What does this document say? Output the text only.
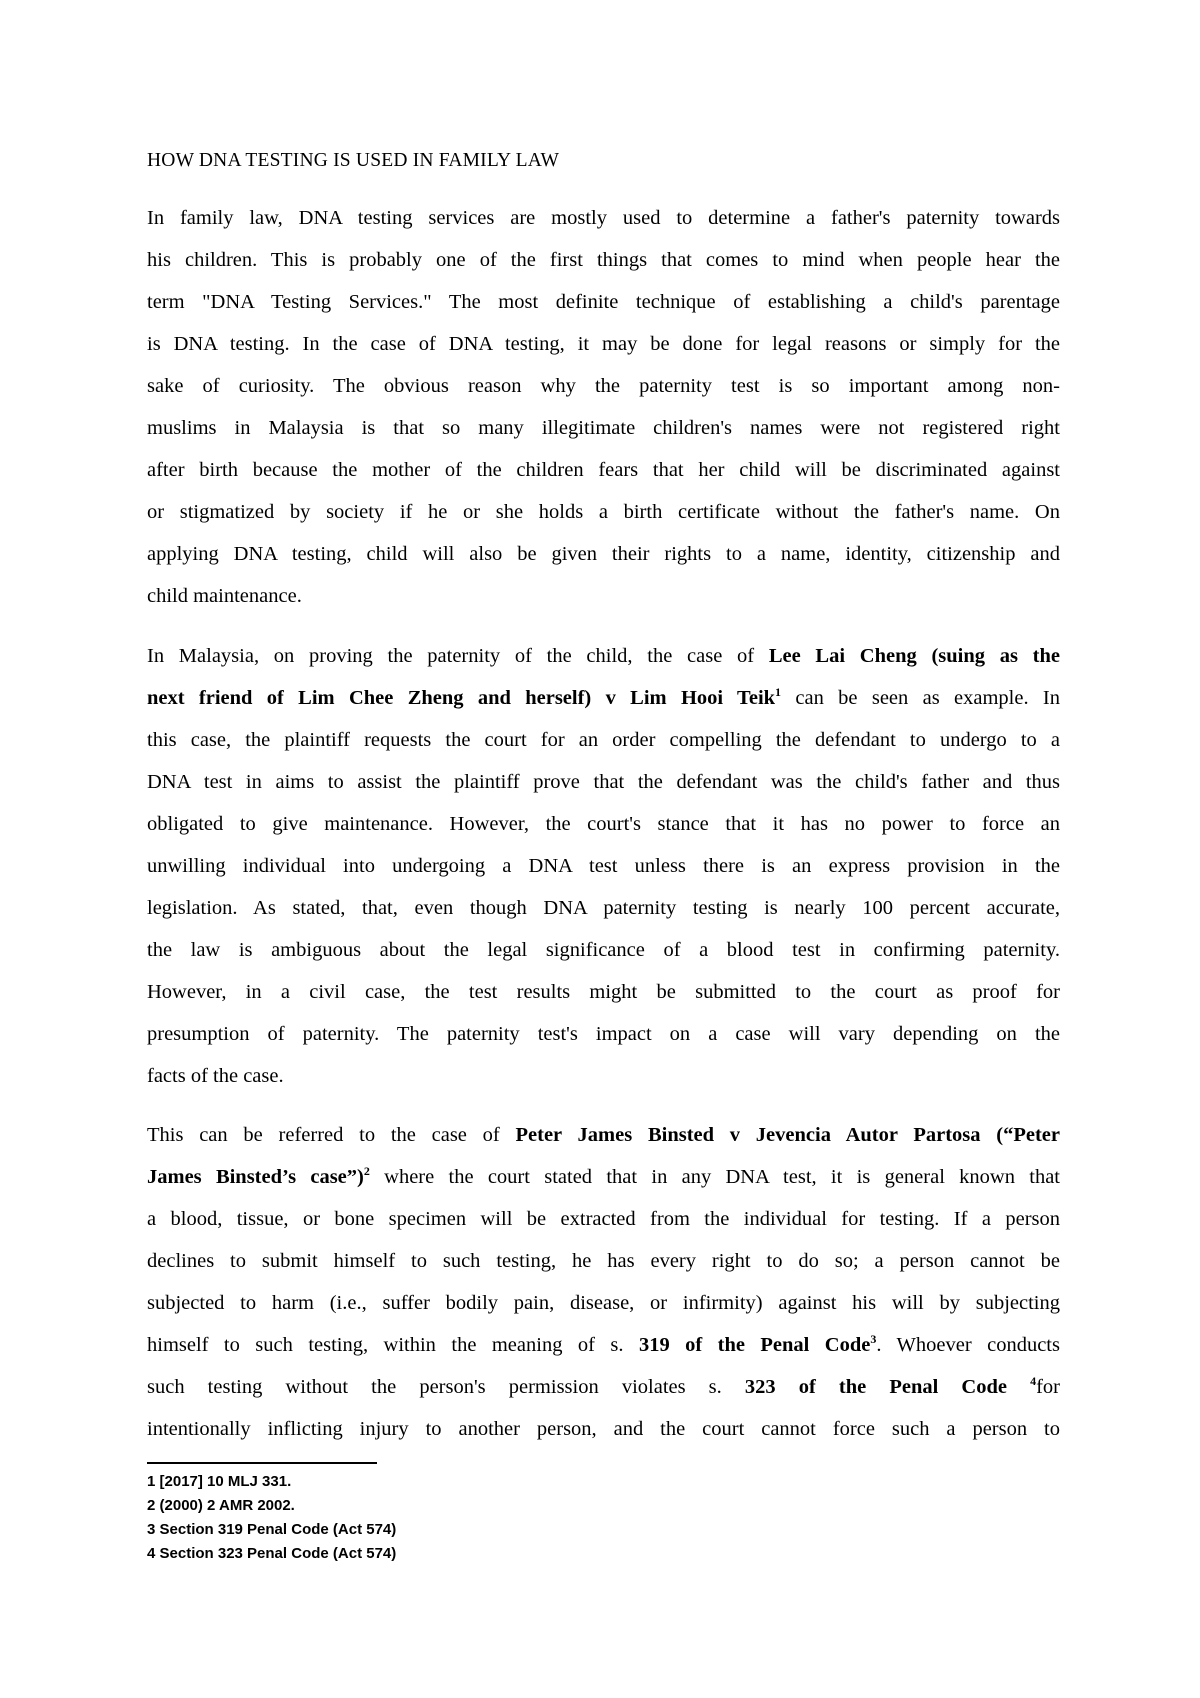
HOW DNA TESTING IS USED IN FAMILY LAW
In family law, DNA testing services are mostly used to determine a father's paternity towards
his children. This is probably one of the first things that comes to mind when people hear the
term "DNA Testing Services." The most definite technique of establishing a child's parentage
is DNA testing. In the case of DNA testing, it may be done for legal reasons or simply for the
sake of curiosity. The obvious reason why the paternity test is so important among non-
muslims in Malaysia is that so many illegitimate children's names were not registered right
after birth because the mother of the children fears that her child will be discriminated against
or stigmatized by society if he or she holds a birth certificate without the father's name. On
applying DNA testing, child will also be given their rights to a name, identity, citizenship and
child maintenance.
In Malaysia, on proving the paternity of the child, the case of Lee Lai Cheng (suing as the
next friend of Lim Chee Zheng and herself) v Lim Hooi Teik$^1$ can be seen as example. In
this case, the plaintiff requests the court for an order compelling the defendant to undergo to a
DNA test in aims to assist the plaintiff prove that the defendant was the child's father and thus
obligated to give maintenance. However, the court's stance that it has no power to force an
unwilling individual into undergoing a DNA test unless there is an express provision in the
legislation. As stated, that, even though DNA paternity testing is nearly 100 percent accurate,
the law is ambiguous about the legal significance of a blood test in confirming paternity.
However, in a civil case, the test results might be submitted to the court as proof for
presumption of paternity. The paternity test's impact on a case will vary depending on the
facts of the case.
This can be referred to the case of Peter James Binsted v Jevencia Autor Partosa (“Peter
James Binsted’s case”)$^2$ where the court stated that in any DNA test, it is general known that
a blood, tissue, or bone specimen will be extracted from the individual for testing. If a person
declines to submit himself to such testing, he has every right to do so; a person cannot be
subjected to harm (i.e., suffer bodily pain, disease, or infirmity) against his will by subjecting
himself to such testing, within the meaning of s. 319 of the Penal Code$^3$. Whoever conducts
such testing without the person's permission violates s. 323 of the Penal Code $^4$for
intentionally inflicting injury to another person, and the court cannot force such a person to
1 [2017] 10 MLJ 331.
2 (2000) 2 AMR 2002.
3 Section 319 Penal Code (Act 574)
4 Section 323 Penal Code (Act 574)
